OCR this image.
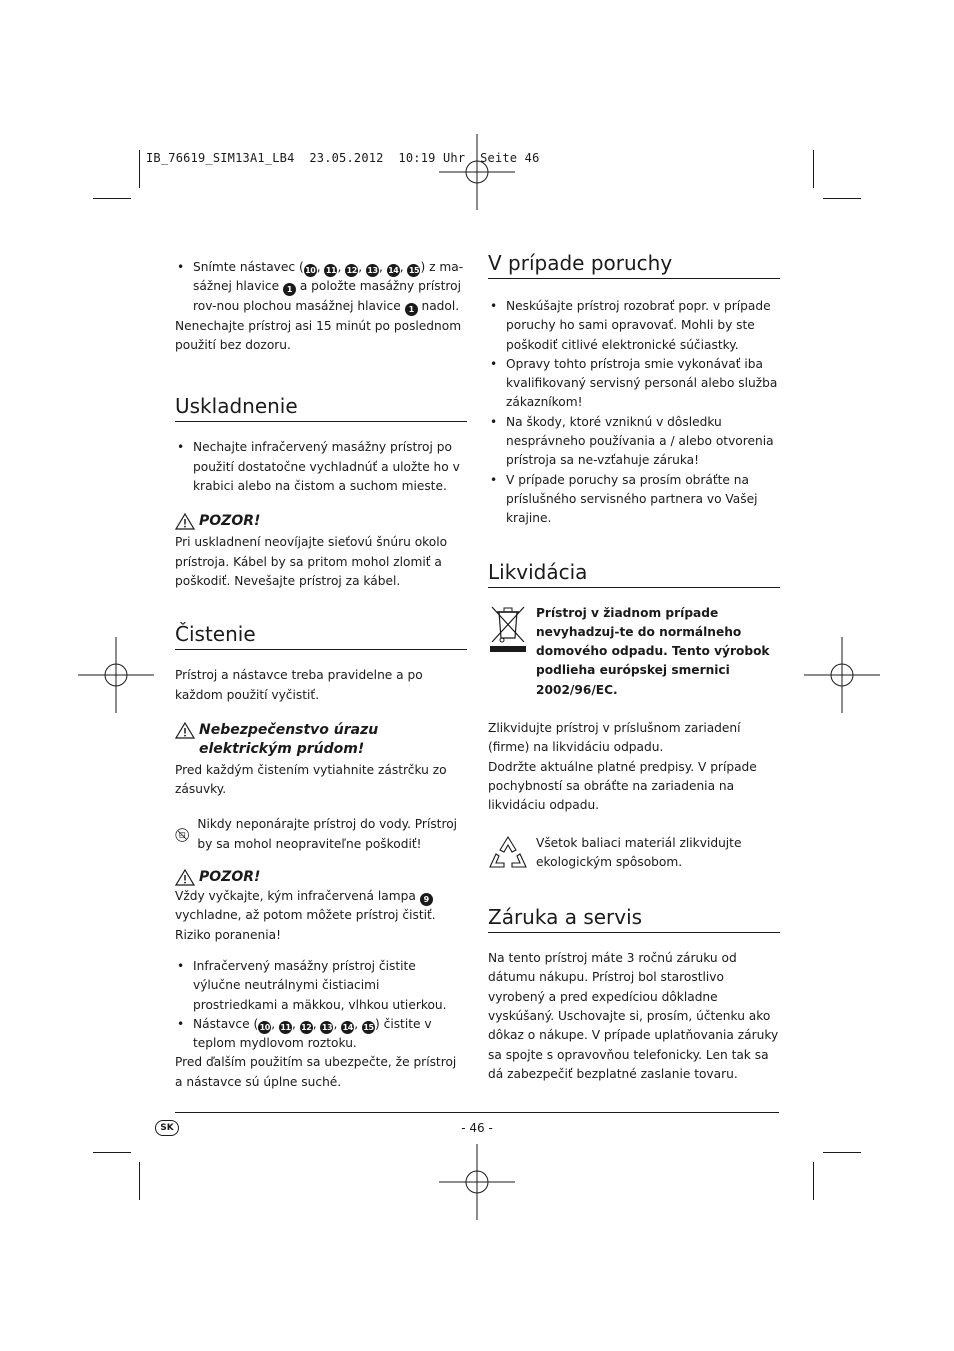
IB_76619_SIM13A1_LB4  23.05.2012  10:19 Uhr  Seite 46
• Snímte nástavec (10, 11, 12, 13, 14, 15) z ma-sážnej hlavice 1 a položte masážny prístroj rov-nou plochou masážnej hlavice 1 nadol.

Nenechajte prístroj asi 15 minút po poslednom použití bez dozoru.

Uskladnenie
• Nechajte infračervený masážny prístroj po použití dostatočne vychladnúť a uložte ho v krabici alebo na čistom a suchom mieste.
POZOR!

Pri uskladnení neovíjajte sieťovú šnúru okolo prístroja. Kábel by sa pritom mohol zlomiť a poškodiť. Nevešajte prístroj za kábel.

Čistenie

Prístroj a nástavce treba pravidelne a po každom použití vyčistiť.

Nebezpečenstvo úrazu elektrickým prúdom!

Pred každým čistením vytiahnite zástrčku zo zásuvky.

Nikdy neponárajte prístroj do vody. Prístroj by sa mohol neopraviteľne poškodiť!

POZOR!

Vždy vyčkajte, kým infračervená lampa 9 vychladne, až potom môžete prístroj čistiť.

Riziko poranenia!

• Infračervený masážny prístroj čistite výlučne neutrálnymi čistiacimi prostriedkami a mäkkou, vlhkou utierkou.
• Nástavce (10, 11, 12, 13, 14, 15) čistite v teplom mydlovom roztoku.

Pred ďalším použitím sa ubezpečte, že prístroj a nástavce sú úplne suché.

V prípade poruchy
• Neskúšajte prístroj rozobrať popr. v prípade poruchy ho sami opravovať. Mohli by ste poškodiť citlivé elektronické súčiastky.
• Opravy tohto prístroja smie vykonávať iba kvalifikovaný servisný personál alebo služba zákazníkom!
• Na škody, ktoré vzniknú v dôsledku nesprávneho používania a / alebo otvorenia prístroja sa ne-vzťahuje záruka!
• V prípade poruchy sa prosím obráťte na príslušného servisného partnera vo Vašej krajine.
Likvidácia

Prístroj v žiadnom prípade nevyhadzuj-te do normálneho domového odpadu. Tento výrobok podlieha európskej smernici 2002/96/EC.

Zlikvidujte prístroj v príslušnom zariadení (firme) na likvidáciu odpadu.

Dodržte aktuálne platné predpisy. V prípade pochybností sa obráťte na zariadenia na likvidáciu odpadu.

Všetok baliaci materiál zlikvidujte ekologickým spôsobom.

Záruka a servis

Na tento prístroj máte 3 ročnú záruku od dátumu nákupu. Prístroj bol starostlivo vyrobený a pred expedíciou dôkladne vyskúšaný. Uschovajte si, prosím, účtenku ako dôkaz o nákupe. V prípade uplatňovania záruky sa spojte s opravovňou telefonicky. Len tak sa dá zabezpečiť bezplatné zaslanie tovaru.

SK	- 46 -
